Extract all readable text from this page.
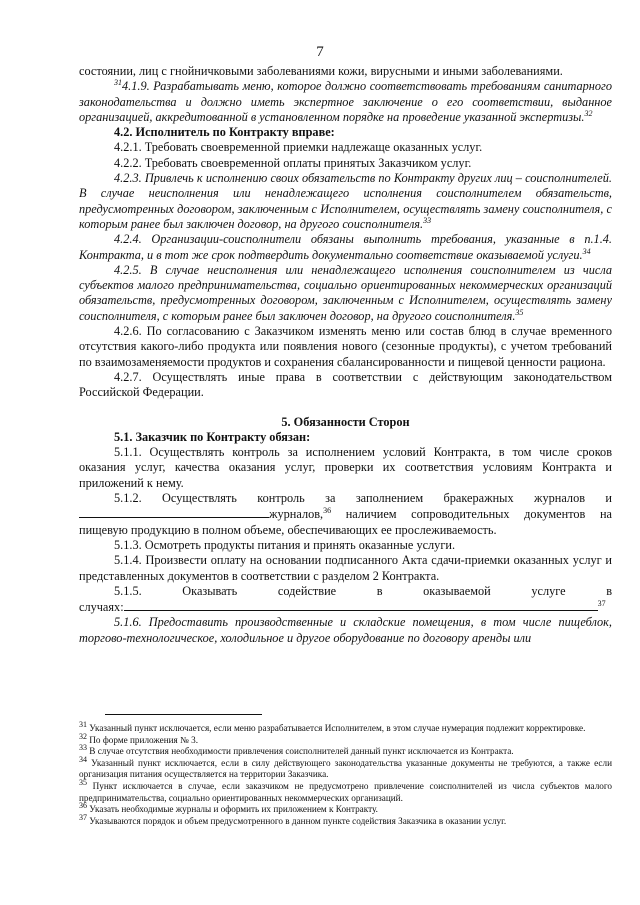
7

состоянии, лиц с гнойничковыми заболеваниями кожи, вирусными и иными заболеваниями.

$^{31}$4.1.9. Разрабатывать меню, которое должно соответствовать требованиям санитарного законодательства и должно иметь экспертное заключение о его соответствии, выданное организацией, аккредитованной в установленном порядке на проведение указанной экспертизы.$^{32}$

4.2. Исполнитель по Контракту вправе:

4.2.1. Требовать своевременной приемки надлежаще оказанных услуг.

4.2.2. Требовать своевременной оплаты принятых Заказчиком услуг.

4.2.3. Привлечь к исполнению своих обязательств по Контракту других лиц – соисполнителей. В случае неисполнения или ненадлежащего исполнения соисполнителем обязательств, предусмотренных договором, заключенным с Исполнителем, осуществлять замену соисполнителя, с которым ранее был заключен договор, на другого соисполнителя.$^{33}$

4.2.4. Организации-соисполнители обязаны выполнить требования, указанные в п.1.4. Контракта, и в тот же срок подтвердить документально соответствие оказываемой услуги.$^{34}$

4.2.5. В случае неисполнения или ненадлежащего исполнения соисполнителем из числа субъектов малого предпринимательства, социально ориентированных некоммерческих организаций обязательств, предусмотренных договором, заключенным с Исполнителем, осуществлять замену соисполнителя, с которым ранее был заключен договор, на другого соисполнителя.$^{35}$

4.2.6. По согласованию с Заказчиком изменять меню или состав блюд в случае временного отсутствия какого-либо продукта или появления нового (сезонные продукты), с учетом требований по взаимозаменяемости продуктов и сохранения сбалансированности и пищевой ценности рациона.

4.2.7. Осуществлять иные права в соответствии с действующим законодательством Российской Федерации.

5. Обязанности Сторон

5.1. Заказчик по Контракту обязан:

5.1.1. Осуществлять контроль за исполнением условий Контракта, в том числе сроков оказания услуг, качества оказания услуг, проверки их соответствия условиям Контракта и приложений к нему.

5.1.2. Осуществлять контроль за заполнением бракеражных журналов и

журналов,$^{36}$ наличием сопроводительных документов на пищевую продукцию в полном объеме, обеспечивающих ее прослеживаемость.

5.1.3. Осмотреть продукты питания и принять оказанные услуги.

5.1.4. Произвести оплату на основании подписанного Акта сдачи-приемки оказанных услуг и представленных документов в соответствии с разделом 2 Контракта.

5.1.5. Оказывать содействие в оказываемой услуге в

случаях:	$^{37}$

5.1.6. Предоставить производственные и складские помещения, в том числе пищеблок, торгово-технологическое, холодильное и другое оборудование по договору аренды или

$^{31}$ Указанный пункт исключается, если меню разрабатывается Исполнителем, в этом случае нумерация подлежит корректировке.

$^{32}$ По форме приложения № 3.

$^{33}$ В случае отсутствия необходимости привлечения соисполнителей данный пункт исключается из Контракта.

$^{34}$ Указанный пункт исключается, если в силу действующего законодательства указанные документы не требуются, а также если организация питания осуществляется на территории Заказчика.

$^{35}$ Пункт исключается в случае, если заказчиком не предусмотрено привлечение соисполнителей из числа субъектов малого предпринимательства, социально ориентированных некоммерческих организаций.

$^{36}$ Указать необходимые журналы и оформить их приложением к Контракту.

$^{37}$ Указываются порядок и объем предусмотренного в данном пункте содействия Заказчика в оказании услуг.
